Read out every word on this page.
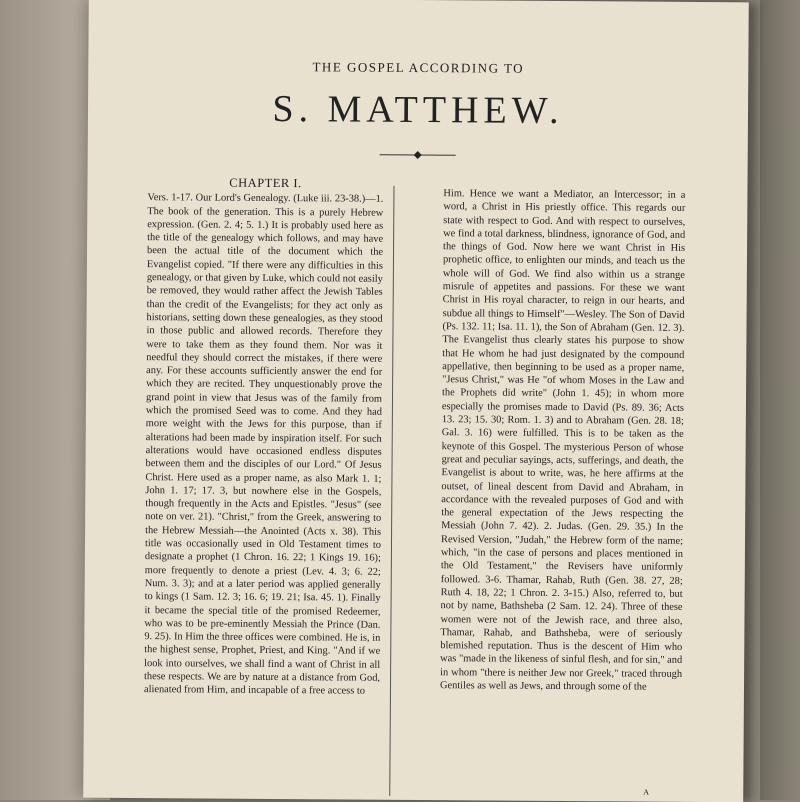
THE GOSPEL ACCORDING TO
S. MATTHEW.
CHAPTER I.

Vers. 1-17. Our Lord's Genealogy. (Luke iii. 23-38.)—1. The book of the generation. This is a purely Hebrew expression. (Gen. 2. 4; 5. 1.) It is probably used here as the title of the genealogy which follows, and may have been the actual title of the document which the Evangelist copied. "If there were any difficulties in this genealogy, or that given by Luke, which could not easily be removed, they would rather affect the Jewish Tables than the credit of the Evangelists; for they act only as historians, setting down these genealogies, as they stood in those public and allowed records. Therefore they were to take them as they found them. Nor was it needful they should correct the mistakes, if there were any. For these accounts sufficiently answer the end for which they are recited. They unquestionably prove the grand point in view that Jesus was of the family from which the promised Seed was to come. And they had more weight with the Jews for this purpose, than if alterations had been made by inspiration itself. For such alterations would have occasioned endless disputes between them and the disciples of our Lord." Of Jesus Christ. Here used as a proper name, as also Mark 1. 1; John 1. 17; 17. 3, but nowhere else in the Gospels, though frequently in the Acts and Epistles. "Jesus" (see note on ver. 21). "Christ," from the Greek, answering to the Hebrew Messiah—the Anointed (Acts x. 38). This title was occasionally used in Old Testament times to designate a prophet (1 Chron. 16. 22; 1 Kings 19. 16); more frequently to denote a priest (Lev. 4. 3; 6. 22; Num. 3. 3); and at a later period was applied generally to kings (1 Sam. 12. 3; 16. 6; 19. 21; Isa. 45. 1). Finally it became the special title of the promised Redeemer, who was to be pre-eminently Messiah the Prince (Dan. 9. 25). In Him the three offices were combined. He is, in the highest sense, Prophet, Priest, and King. "And if we look into ourselves, we shall find a want of Christ in all these respects. We are by nature at a distance from God, alienated from Him, and incapable of a free access to

Him. Hence we want a Mediator, an Intercessor; in a word, a Christ in His priestly office. This regards our state with respect to God. And with respect to ourselves, we find a total darkness, blindness, ignorance of God, and the things of God. Now here we want Christ in His prophetic office, to enlighten our minds, and teach us the whole will of God. We find also within us a strange misrule of appetites and passions. For these we want Christ in His royal character, to reign in our hearts, and subdue all things to Himself"—Wesley. The Son of David (Ps. 132. 11; Isa. 11. 1), the Son of Abraham (Gen. 12. 3). The Evangelist thus clearly states his purpose to show that He whom he had just designated by the compound appellative, then beginning to be used as a proper name, "Jesus Christ," was He "of whom Moses in the Law and the Prophets did write" (John 1. 45); in whom more especially the promises made to David (Ps. 89. 36; Acts 13. 23; 15. 30; Rom. 1. 3) and to Abraham (Gen. 28. 18; Gal. 3. 16) were fulfilled. This is to be taken as the keynote of this Gospel. The mysterious Person of whose great and peculiar sayings, acts, sufferings, and death, the Evangelist is about to write, was, he here affirms at the outset, of lineal descent from David and Abraham, in accordance with the revealed purposes of God and with the general expectation of the Jews respecting the Messiah (John 7. 42). 2. Judas. (Gen. 29. 35.) In the Revised Version, "Judah," the Hebrew form of the name; which, "in the case of persons and places mentioned in the Old Testament," the Revisers have uniformly followed. 3-6. Thamar, Rahab, Ruth (Gen. 38. 27, 28; Ruth 4. 18, 22; 1 Chron. 2. 3-15.) Also, referred to, but not by name, Bathsheba (2 Sam. 12. 24). Three of these women were not of the Jewish race, and three also, Thamar, Rahab, and Bathsheba, were of seriously blemished reputation. Thus is the descent of Him who was "made in the likeness of sinful flesh, and for sin," and in whom "there is neither Jew nor Greek," traced through Gentiles as well as Jews, and through some of the

A
